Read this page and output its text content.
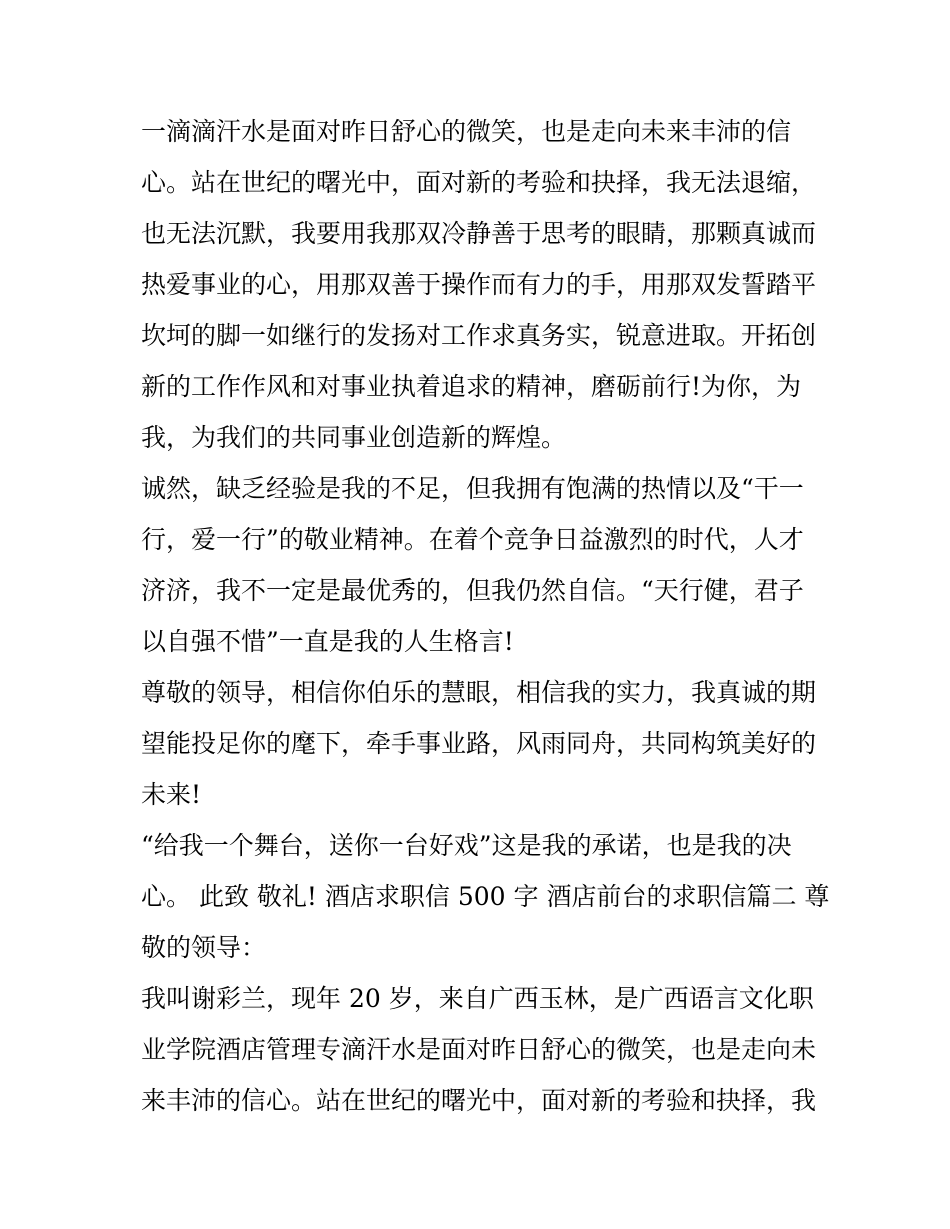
一滴滴汗水是面对昨日舒心的微笑，也是走向未来丰沛的信
心。站在世纪的曙光中，面对新的考验和抉择，我无法退缩，
也无法沉默，我要用我那双冷静善于思考的眼睛，那颗真诚而
热爱事业的心，用那双善于操作而有力的手，用那双发誓踏平
坎坷的脚一如继行的发扬对工作求真务实，锐意进取。开拓创
新的工作作风和对事业执着追求的精神，磨砺前行!为你，为
我，为我们的共同事业创造新的辉煌。

诚然，缺乏经验是我的不足，但我拥有饱满的热情以及“干一
行，爱一行”的敬业精神。在着个竞争日益激烈的时代，人才
济济，我不一定是最优秀的，但我仍然自信。“天行健，君子
以自强不惜”一直是我的人生格言!

尊敬的领导，相信你伯乐的慧眼，相信我的实力，我真诚的期
望能投足你的麾下，牵手事业路，风雨同舟，共同构筑美好的
未来!

“给我一个舞台，送你一台好戏”这是我的承诺，也是我的决
心。 此致 敬礼! 酒店求职信 500 字 酒店前台的求职信篇二 尊
敬的领导：

我叫谢彩兰，现年 20 岁，来自广西玉林，是广西语言文化职
业学院酒店管理专滴汗水是面对昨日舒心的微笑，也是走向未
来丰沛的信心。站在世纪的曙光中，面对新的考验和抉择，我
